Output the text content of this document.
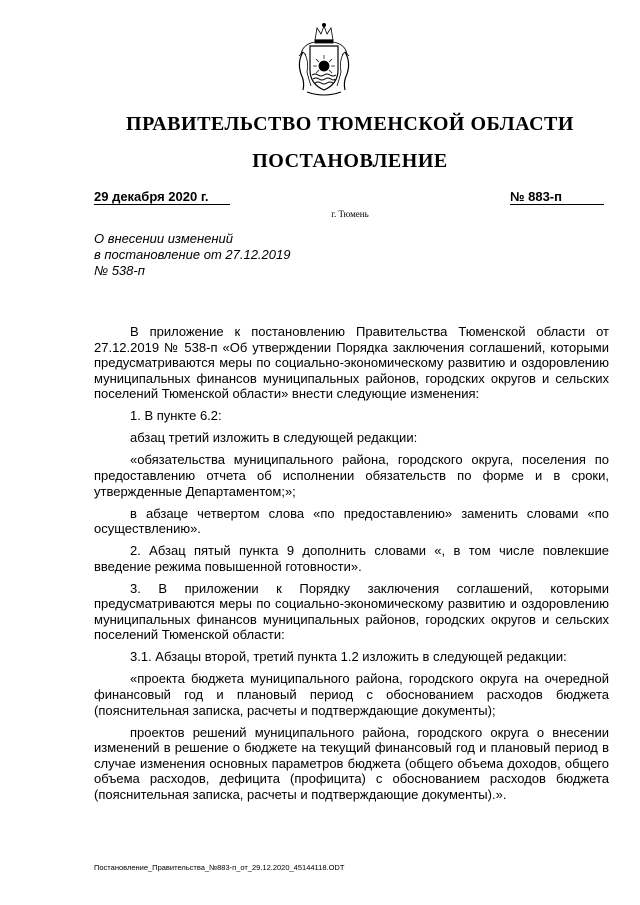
ПРАВИТЕЛЬСТВО ТЮМЕНСКОЙ ОБЛАСТИ
ПОСТАНОВЛЕНИЕ
29 декабря 2020 г.	№ 883-п
г. Тюмень
О внесении изменений
в постановление от 27.12.2019
№ 538-п

В приложение к постановлению Правительства Тюменской области от 27.12.2019 № 538-п «Об утверждении Порядка заключения соглашений, которыми предусматриваются меры по социально-экономическому развитию и оздоровлению муниципальных финансов муниципальных районов, городских округов и сельских поселений Тюменской области» внести следующие изменения:

1. В пункте 6.2:

абзац третий изложить в следующей редакции:

«обязательства муниципального района, городского округа, поселения по предоставлению отчета об исполнении обязательств по форме и в сроки, утвержденные Департаментом;»;

в абзаце четвертом слова «по предоставлению» заменить словами «по осуществлению».

2. Абзац пятый пункта 9 дополнить словами «, в том числе повлекшие введение режима повышенной готовности».

3. В приложении к Порядку заключения соглашений, которыми предусматриваются меры по социально-экономическому развитию и оздоровлению муниципальных финансов муниципальных районов, городских округов и сельских поселений Тюменской области:

3.1. Абзацы второй, третий пункта 1.2 изложить в следующей редакции:

«проекта бюджета муниципального района, городского округа на очередной финансовый год и плановый период с обоснованием расходов бюджета (пояснительная записка, расчеты и подтверждающие документы);

проектов решений муниципального района, городского округа о внесении изменений в решение о бюджете на текущий финансовый год и плановый период в случае изменения основных параметров бюджета (общего объема доходов, общего объема расходов, дефицита (профицита) с обоснованием расходов бюджета (пояснительная записка, расчеты и подтверждающие документы).».

Постановление_Правительства_№883-п_от_29.12.2020_45144118.ODT
